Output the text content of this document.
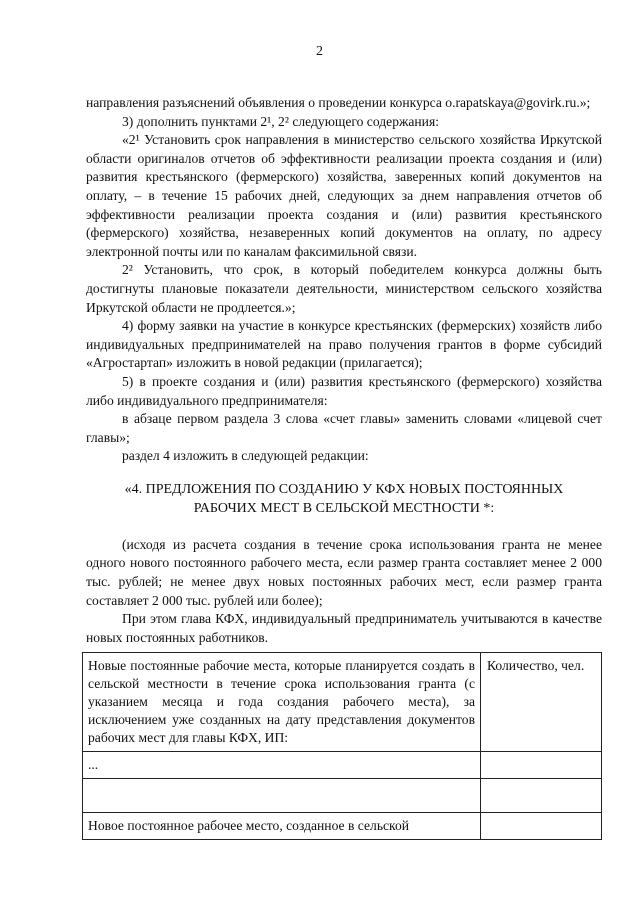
2

направления разъяснений объявления о проведении конкурса o.rapatskaya@govirk.ru.»;

3) дополнить пунктами 2¹, 2² следующего содержания:

«2¹ Установить срок направления в министерство сельского хозяйства Иркутской области оригиналов отчетов об эффективности реализации проекта создания и (или) развития крестьянского (фермерского) хозяйства, заверенных копий документов на оплату, – в течение 15 рабочих дней, следующих за днем направления отчетов об эффективности реализации проекта создания и (или) развития крестьянского (фермерского) хозяйства, незаверенных копий документов на оплату, по адресу электронной почты или по каналам факсимильной связи.

2² Установить, что срок, в который победителем конкурса должны быть достигнуты плановые показатели деятельности, министерством сельского хозяйства Иркутской области не продлеется.»;

4) форму заявки на участие в конкурсе крестьянских (фермерских) хозяйств либо индивидуальных предпринимателей на право получения грантов в форме субсидий «Агростартап» изложить в новой редакции (прилагается);

5) в проекте создания и (или) развития крестьянского (фермерского) хозяйства либо индивидуального предпринимателя:

в абзаце первом раздела 3 слова «счет главы» заменить словами «лицевой счет главы»;

раздел 4 изложить в следующей редакции:

«4. ПРЕДЛОЖЕНИЯ ПО СОЗДАНИЮ У КФХ НОВЫХ ПОСТОЯННЫХ
РАБОЧИХ МЕСТ В СЕЛЬСКОЙ МЕСТНОСТИ *:

(исходя из расчета создания в течение срока использования гранта не менее одного нового постоянного рабочего места, если размер гранта составляет менее 2 000 тыс. рублей; не менее двух новых постоянных рабочих мест, если размер гранта составляет 2 000 тыс. рублей или более);

При этом глава КФХ, индивидуальный предприниматель учитываются в качестве новых постоянных работников.

Новые постоянные рабочие места, которые планируется создать в сельской местности в течение срока использования гранта (с указанием месяца и года создания рабочего места), за исключением уже созданных на дату представления документов рабочих мест для главы КФХ, ИП:	Количество, чел.
...	

Новое постоянное рабочее место, созданное в сельской	
